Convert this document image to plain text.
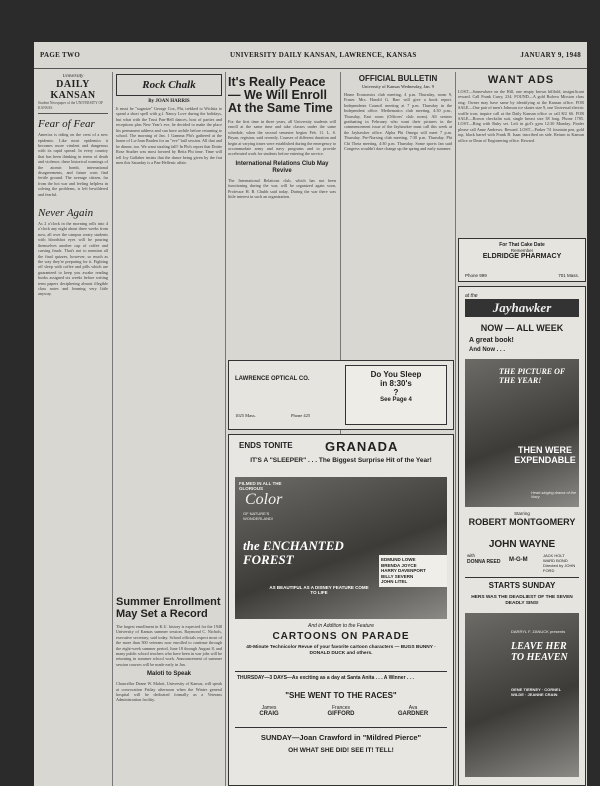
PAGE TWO	UNIVERSITY DAILY KANSAN, LAWRENCE, KANSAS	JANUARY 9, 1948
University
DAILY KANSAN
Student Newspaper of the UNIVERSITY OF KANSAS
Fear of Fear
America is riding on the crest of a new epidemic. Like most epidemics it becomes more virulent and dangerous with its rapid spread. In every country that has been thinking in terms of death and violence, these historical warnings of the atomic bomb, international disagreements, and future wars find fertile ground. The average citizen, far from the hot war and feeling helpless in solving the problems, is left bewildered and fearful.
Never Again
As 2 o'clock in the morning rolls into 4 o'clock any night about three weeks from now, all over the campus weary students with bloodshot eyes will be pouring themselves another cup of coffee and cursing finals. That's not to mention all the final quizzes, however, so much as the way they're preparing for it. Fighting off sleep with coffee and pills which are guaranteed to keep you awake reading books assigned six weeks before writing term papers deciphering almost illegible class notes and learning very little anyway.
Rock Chalk
By JOAN HARRIS
It must be "sugarize" George Cox, Phi, trekked to Wichita to spend a short spell with g.f. Nancy Love during the holidays, but what with the Trust Pan-Hell dances, host of parties and receptions plus New Year's eve, he decided to make the place his permanent address and can have awhile before returning to school. The morning of Jan. 1 Gamma Phi's gathered at the home of Lu-Joan Braden for an "eve" ball session. All that and be dinner, too. We want sizzling fall? In Phi's report that Dottie Rose Studier was most favored by Betta Phi time. Time will tell Joy Gallaher insists that the dance being given by the frat men this Saturday is a Pan-Hellenic affair.
Summer Enrollment May Set a Record
The largest enrollment in K.U. history is expected for the 1948 University of Kansas summer session, Raymond C. Nichols, executive secretary, said today. School officials expect most of the more than 500 veterans now enrolled to continue through the eight-week summer period, June 18 through August 8, and many public school teachers who have been in war jobs will be returning in summer school work. Announcement of summer session courses will be made early in Jan.
Maloti to Speak
Chancellor Deane W. Malott, University of Kansas, will speak at convocation Friday afternoon when the Winter general hospital will be dedicated formally as a Veterans Administration facility.
It's Really Peace— We Will Enroll At the Same Time
For the first time in three years, all University students will enroll at the same time and take classes under the same schedule, when the second semester begins Feb. 11. L. S. Bryan, registrar, said recently. Courses of different duration and begin at varying times were established during the emergency to accommodate army and navy programs and to provide accelerated work for students before entering the service.
International Relations Club May Revive
The International Relations club, which has not been functioning during the war, will be organized again soon, Professor H. B. Chubb said today. During the war there was little interest in such an organization.
OFFICIAL BULLETIN
University of Kansas Wednesday, Jan. 9
Home Economics club meeting, 4 p.m. Thursday, room 9, Fraser. Mrs. Harold G. Barr will give a book report. Independents Council meeting at 7 p.m. Thursday in the Independent office. Methematics club meeting, 4:30 p.m., Thursday, East room (Officers' club room). All seniors graduating in February who want their pictures in the commencement issue of the Jayhawker must call this week at the Jayhawker office. Alpha Phi Omega will meet 7 p.m. Thursday. Pre-Nursing club meeting, 7:30 p.m. Thursday. Phi Chi Theta meeting, 4:30 p.m. Thursday. Some sports fan said Congress wouldn't dare change up the spring and early summer.
LAWRENCE OPTICAL CO.
1025 Mass.	Phone 425
Do You Sleep
in 8:30's
?
See Page 4
ENDS TONITE GRANADA
IT'S A "SLEEPER" . . . The Biggest Surprise Hit of the Year!
FILMED IN ALL THE GLORIOUS
Color
OF NATURE'S WONDERLAND!
the ENCHANTED FOREST	EDMUND LOWE
BRENDA JOYCE
HARRY DAVENPORT
BILLY SEVERN
JOHN LITEL
AS BEAUTIFUL AS A DISNEY FEATURE COME TO LIFE
And in Addition to the Feature
CARTOONS ON PARADE
40-Minute Technicolor Revue of your favorite cartoon characters — BUGS BUNNY · DONALD DUCK and others.
THURSDAY—3 DAYS—As exciting as a day at Santa Anita . . . A Winner . . .
"SHE WENT TO THE RACES"
James
CRAIG
Frances
GIFFORD
Ava
GARDNER
SUNDAY—Joan Crawford in "Mildred Pierce"
OH WHAT SHE DID! SEE IT! TELL!
WANT ADS
LOST—Somewhere on the Hill, one empty brown billfold, insignificant reward. Call Frank Curry, 234. FOUND—A gold Bulova Mission class ring. Owner may have same by identifying at the Kansan office. FOR SALE—One pair of men's Johnson ice skates size 9, one Universal electric waffle iron; inquire call at the Daily Kansan office or call KU 66. FOR SALE—Brown checkslin suit, single breast size 38 long. Phone 1785. LOST—Ring with Ruby set. Left in girl's gym 12:30 Monday. Finder please call Anne Andrews. Reward. LOST—Parker '51 fountain pen, gold top, black barrel with Frank B. Isaac inscribed on side. Return to Kansan office or Dean of Engineering office. Reward.
For That Cake Date
Remember
ELDRIDGE PHARMACY
Phone 999	701 Mass.
at the
Jayhawker
NOW — ALL WEEK
A great book!
And Now . . .
THE PICTURE OF THE YEAR!
THEN WERE EXPENDABLE
Heart-singing drama of the Navy
Starring
ROBERT MONTGOMERY
JOHN WAYNE
with
DONNA REED M-G-M
JACK HOLT
WARD BOND
Directed by JOHN FORD
STARTS SUNDAY
HERS WAS THE DEADLIEST OF THE SEVEN DEADLY SINS!
DARRYL F. ZANUCK presents
LEAVE HER TO HEAVEN
GENE TIERNEY · CORNEL WILDE · JEANNE CRAIN
